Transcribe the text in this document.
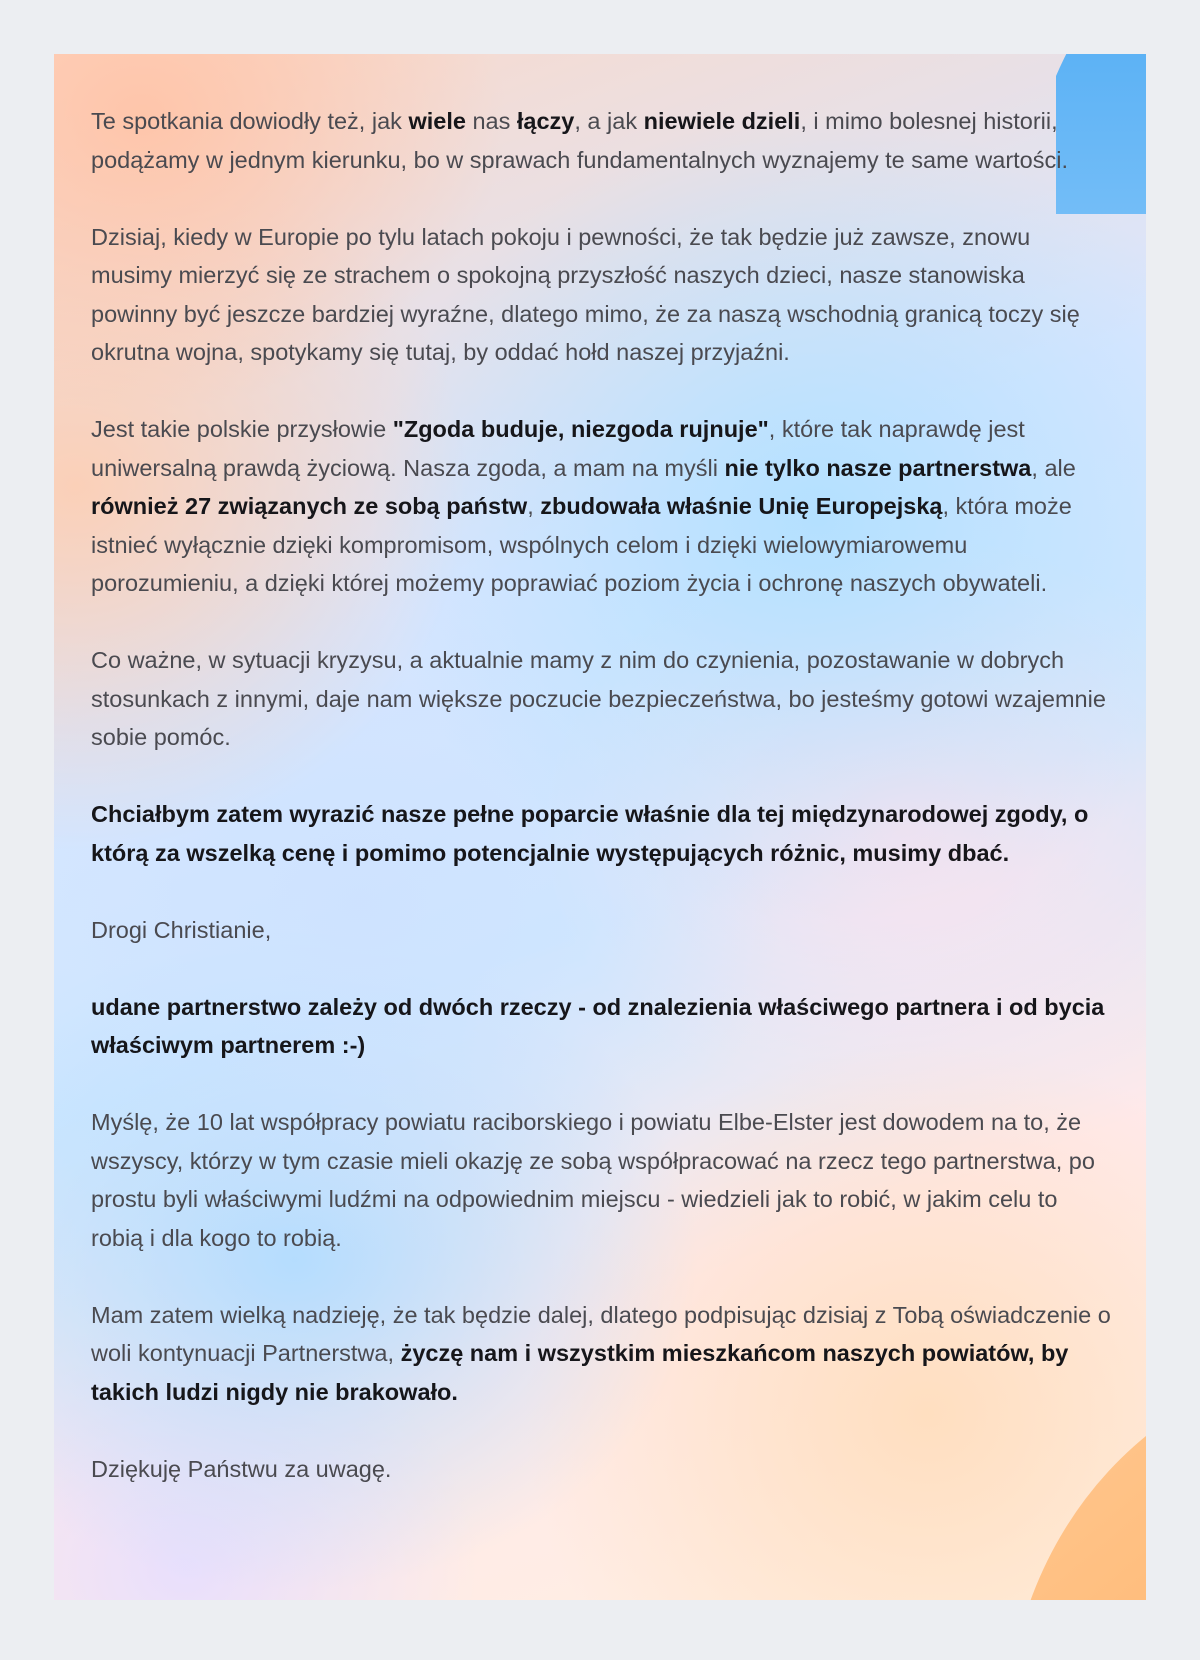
Te spotkania dowiodły też, jak wiele nas łączy, a jak niewiele dzieli, i mimo bolesnej historii, podążamy w jednym kierunku, bo w sprawach fundamentalnych wyznajemy te same wartości.

Dzisiaj, kiedy w Europie po tylu latach pokoju i pewności, że tak będzie już zawsze, znowu musimy mierzyć się ze strachem o spokojną przyszłość naszych dzieci, nasze stanowiska powinny być jeszcze bardziej wyraźne, dlatego mimo, że za naszą wschodnią granicą toczy się okrutna wojna, spotykamy się tutaj, by oddać hołd naszej przyjaźni.

Jest takie polskie przysłowie "Zgoda buduje, niezgoda rujnuje", które tak naprawdę jest uniwersalną prawdą życiową. Nasza zgoda, a mam na myśli nie tylko nasze partnerstwa, ale również 27 związanych ze sobą państw, zbudowała właśnie Unię Europejską, która może istnieć wyłącznie dzięki kompromisom, wspólnych celom i dzięki wielowymiarowemu porozumieniu, a dzięki której możemy poprawiać poziom życia i ochronę naszych obywateli.

Co ważne, w sytuacji kryzysu, a aktualnie mamy z nim do czynienia, pozostawanie w dobrych stosunkach z innymi, daje nam większe poczucie bezpieczeństwa, bo jesteśmy gotowi wzajemnie sobie pomóc.

Chciałbym zatem wyrazić nasze pełne poparcie właśnie dla tej międzynarodowej zgody, o którą za wszelką cenę i pomimo potencjalnie występujących różnic, musimy dbać.

Drogi Christianie,

udane partnerstwo zależy od dwóch rzeczy - od znalezienia właściwego partnera i od bycia właściwym partnerem :-)

Myślę, że 10 lat współpracy powiatu raciborskiego i powiatu Elbe-Elster jest dowodem na to, że wszyscy, którzy w tym czasie mieli okazję ze sobą współpracować na rzecz tego partnerstwa, po prostu byli właściwymi ludźmi na odpowiednim miejscu - wiedzieli jak to robić, w jakim celu to robią i dla kogo to robią.

Mam zatem wielką nadzieję, że tak będzie dalej, dlatego podpisując dzisiaj z Tobą oświadczenie o woli kontynuacji Partnerstwa, życzę nam i wszystkim mieszkańcom naszych powiatów, by takich ludzi nigdy nie brakowało.

Dziękuję Państwu za uwagę.
